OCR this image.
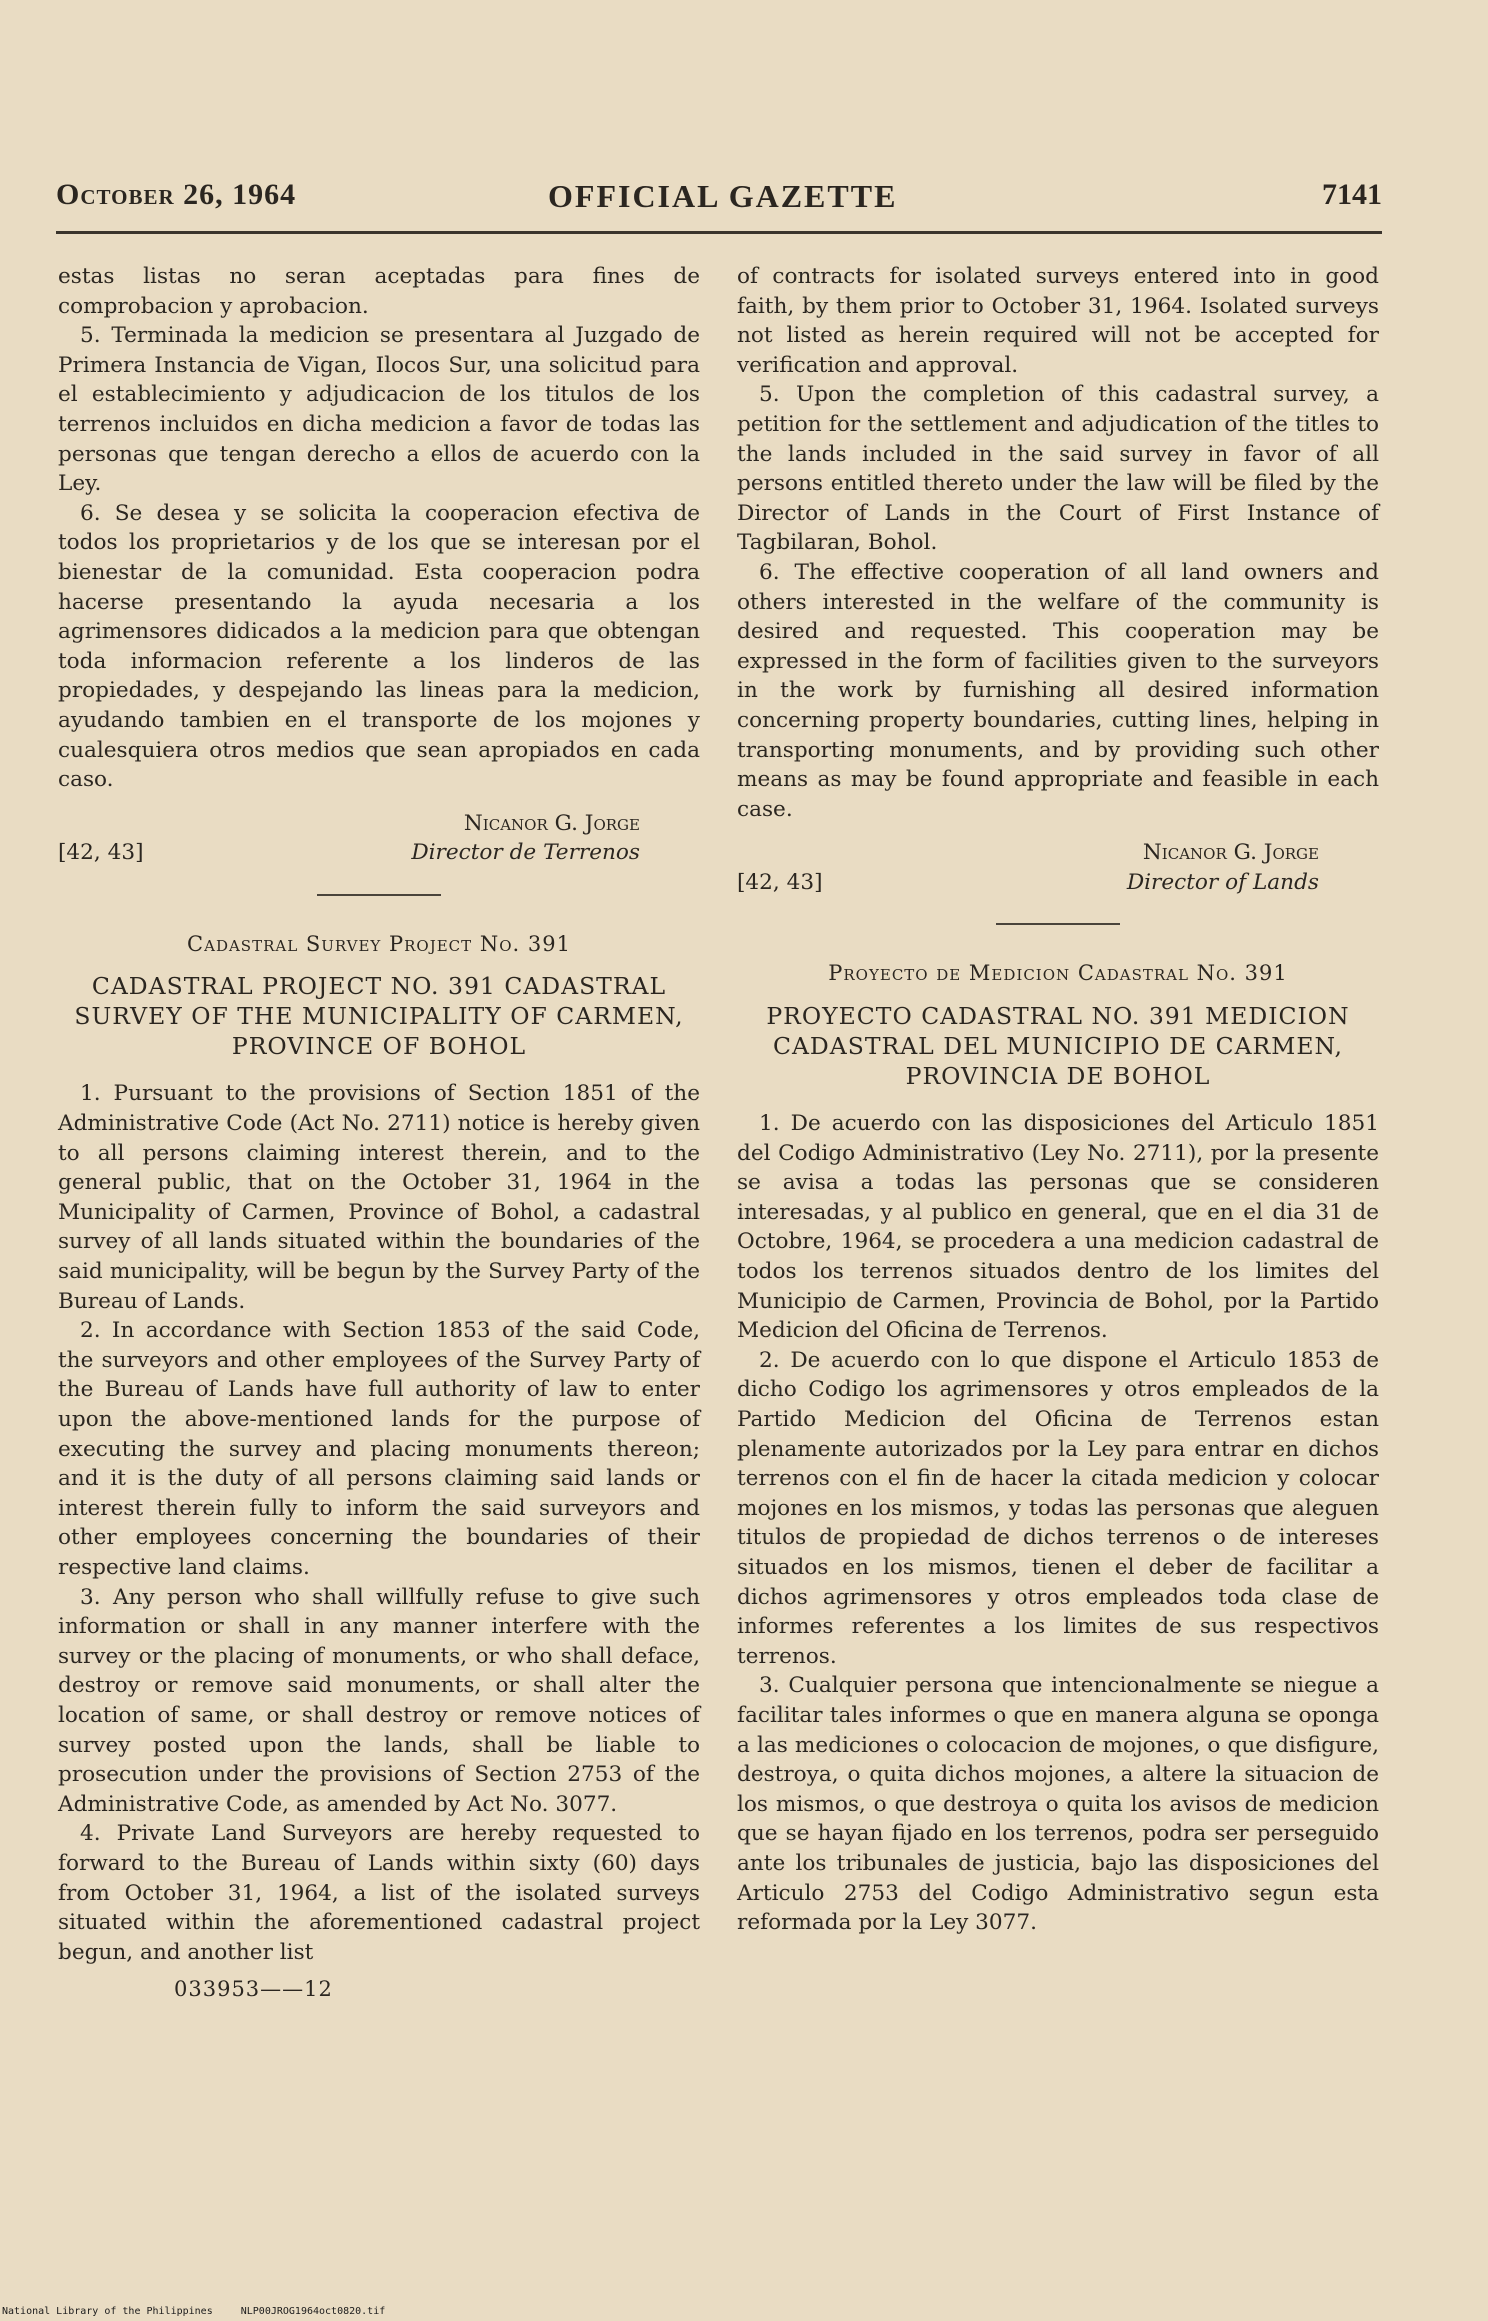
October 26, 1964	OFFICIAL GAZETTE	7141

estas listas no seran aceptadas para fines de comprobacion y aprobacion.

5. Terminada la medicion se presentara al Juzgado de Primera Instancia de Vigan, Ilocos Sur, una solicitud para el establecimiento y adjudicacion de los titulos de los terrenos incluidos en dicha medicion a favor de todas las personas que tengan derecho a ellos de acuerdo con la Ley.

6. Se desea y se solicita la cooperacion efectiva de todos los proprietarios y de los que se interesan por el bienestar de la comunidad. Esta cooperacion podra hacerse presentando la ayuda necesaria a los agrimensores didicados a la medicion para que obtengan toda informacion referente a los linderos de las propiedades, y despejando las lineas para la medicion, ayudando tambien en el transporte de los mojones y cualesquiera otros medios que sean apropiados en cada caso.

Nicanor G. Jorge
[42, 43]	Director de Terrenos
Cadastral Survey Project No. 391
CADASTRAL PROJECT NO. 391 CADASTRAL SURVEY OF THE MUNICIPALITY OF CARMEN, PROVINCE OF BOHOL

1. Pursuant to the provisions of Section 1851 of the Administrative Code (Act No. 2711) notice is hereby given to all persons claiming interest therein, and to the general public, that on the October 31, 1964 in the Municipality of Carmen, Province of Bohol, a cadastral survey of all lands situated within the boundaries of the said municipality, will be begun by the Survey Party of the Bureau of Lands.

2. In accordance with Section 1853 of the said Code, the surveyors and other employees of the Survey Party of the Bureau of Lands have full authority of law to enter upon the above-mentioned lands for the purpose of executing the survey and placing monuments thereon; and it is the duty of all persons claiming said lands or interest therein fully to inform the said surveyors and other employees concerning the boundaries of their respective land claims.

3. Any person who shall willfully refuse to give such information or shall in any manner interfere with the survey or the placing of monuments, or who shall deface, destroy or remove said monuments, or shall alter the location of same, or shall destroy or remove notices of survey posted upon the lands, shall be liable to prosecution under the provisions of Section 2753 of the Administrative Code, as amended by Act No. 3077.

4. Private Land Surveyors are hereby requested to forward to the Bureau of Lands within sixty (60) days from October 31, 1964, a list of the isolated surveys situated within the aforementioned cadastral project begun, and another list

033953——12

of contracts for isolated surveys entered into in good faith, by them prior to October 31, 1964. Isolated surveys not listed as herein required will not be accepted for verification and approval.

5. Upon the completion of this cadastral survey, a petition for the settlement and adjudication of the titles to the lands included in the said survey in favor of all persons entitled thereto under the law will be filed by the Director of Lands in the Court of First Instance of Tagbilaran, Bohol.

6. The effective cooperation of all land owners and others interested in the welfare of the community is desired and requested. This cooperation may be expressed in the form of facilities given to the surveyors in the work by furnishing all desired information concerning property boundaries, cutting lines, helping in transporting monuments, and by providing such other means as may be found appropriate and feasible in each case.

Nicanor G. Jorge
[42, 43]	Director of Lands
Proyecto de Medicion Cadastral No. 391
PROYECTO CADASTRAL NO. 391 MEDICION CADASTRAL DEL MUNICIPIO DE CARMEN, PROVINCIA DE BOHOL

1. De acuerdo con las disposiciones del Articulo 1851 del Codigo Administrativo (Ley No. 2711), por la presente se avisa a todas las personas que se consideren interesadas, y al publico en general, que en el dia 31 de Octobre, 1964, se procedera a una medicion cadastral de todos los terrenos situados dentro de los limites del Municipio de Carmen, Provincia de Bohol, por la Partido Medicion del Oficina de Terrenos.

2. De acuerdo con lo que dispone el Articulo 1853 de dicho Codigo los agrimensores y otros empleados de la Partido Medicion del Oficina de Terrenos estan plenamente autorizados por la Ley para entrar en dichos terrenos con el fin de hacer la citada medicion y colocar mojones en los mismos, y todas las personas que aleguen titulos de propiedad de dichos terrenos o de intereses situados en los mismos, tienen el deber de facilitar a dichos agrimensores y otros empleados toda clase de informes referentes a los limites de sus respectivos terrenos.

3. Cualquier persona que intencionalmente se niegue a facilitar tales informes o que en manera alguna se oponga a las mediciones o colocacion de mojones, o que disfigure, destroya, o quita dichos mojones, a altere la situacion de los mismos, o que destroya o quita los avisos de medicion que se hayan fijado en los terrenos, podra ser perseguido ante los tribunales de justicia, bajo las disposiciones del Articulo 2753 del Codigo Administrativo segun esta reformada por la Ley 3077.

National Library of the Philippines	NLP00JROG1964oct0820.tif
